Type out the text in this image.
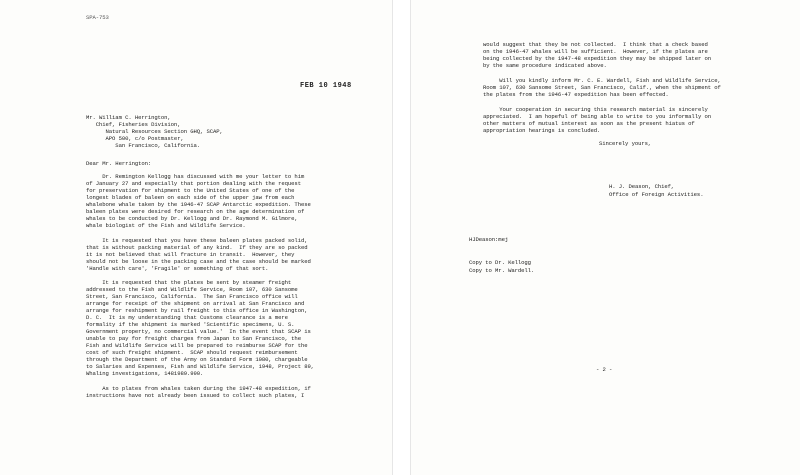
SPA-753
FEB 10 1948
Mr. William C. Herrington,
Chief, Fisheries Division,
Natural Resources Section GHQ, SCAP,
APO 500, c/o Postmaster,
San Francisco, California.
Dear Mr. Herrington:
Dr. Remington Kellogg has discussed with me your letter to him
of January 27 and especially that portion dealing with the request
for preservation for shipment to the United States of one of the
longest blades of baleen on each side of the upper jaw from each
whalebone whale taken by the 1946-47 SCAP Antarctic expedition. These
baleen plates were desired for research on the age determination of
whales to be conducted by Dr. Kellogg and Dr. Raymond M. Gilmore,
whale biologist of the Fish and Wildlife Service.
It is requested that you have these baleen plates packed solid,
that is without packing material of any kind.  If they are so packed
it is not believed that will fracture in transit.  However, they
should not be loose in the packing case and the case should be marked
'Handle with care', 'Fragile' or something of that sort.
It is requested that the plates be sent by steamer freight
addressed to the Fish and Wildlife Service, Room 107, 630 Sansome
Street, San Francisco, California.  The San Francisco office will
arrange for receipt of the shipment on arrival at San Francisco and
arrange for reshipment by rail freight to this office in Washington,
D. C.  It is my understanding that Customs clearance is a mere
formality if the shipment is marked 'Scientific specimens, U. S.
Government property, no commercial value.'  In the event that SCAP is
unable to pay for freight charges from Japan to San Francisco, the
Fish and Wildlife Service will be prepared to reimburse SCAP for the
cost of such freight shipment.  SCAP should request reimbursement
through the Department of the Army on Standard Form 1080, chargeable
to Salaries and Expenses, Fish and Wildlife Service, 1948, Project 89,
Whaling investigations, 1481989.990.
As to plates from whales taken during the 1947-48 expedition, if
instructions have not already been issued to collect such plates, I
would suggest that they be not collected.  I think that a check based
on the 1946-47 whales will be sufficient.  However, if the plates are
being collected by the 1947-48 expedition they may be shipped later on
by the same procedure indicated above.
Will you kindly inform Mr. C. E. Wardell, Fish and Wildlife Service,
Room 107, 630 Sansome Street, San Francisco, Calif., when the shipment of
the plates from the 1946-47 expedition has been effected.
Your cooperation in securing this research material is sincerely
appreciated.  I am hopeful of being able to write to you informally on
other matters of mutual interest as soon as the present hiatus of
appropriation hearings is concluded.
Sincerely yours,
H. J. Deason, Chief,
Office of Foreign Activities.
HJDeason:mej
Copy to Dr. Kellogg
Copy to Mr. Wardell.
- 2 -
